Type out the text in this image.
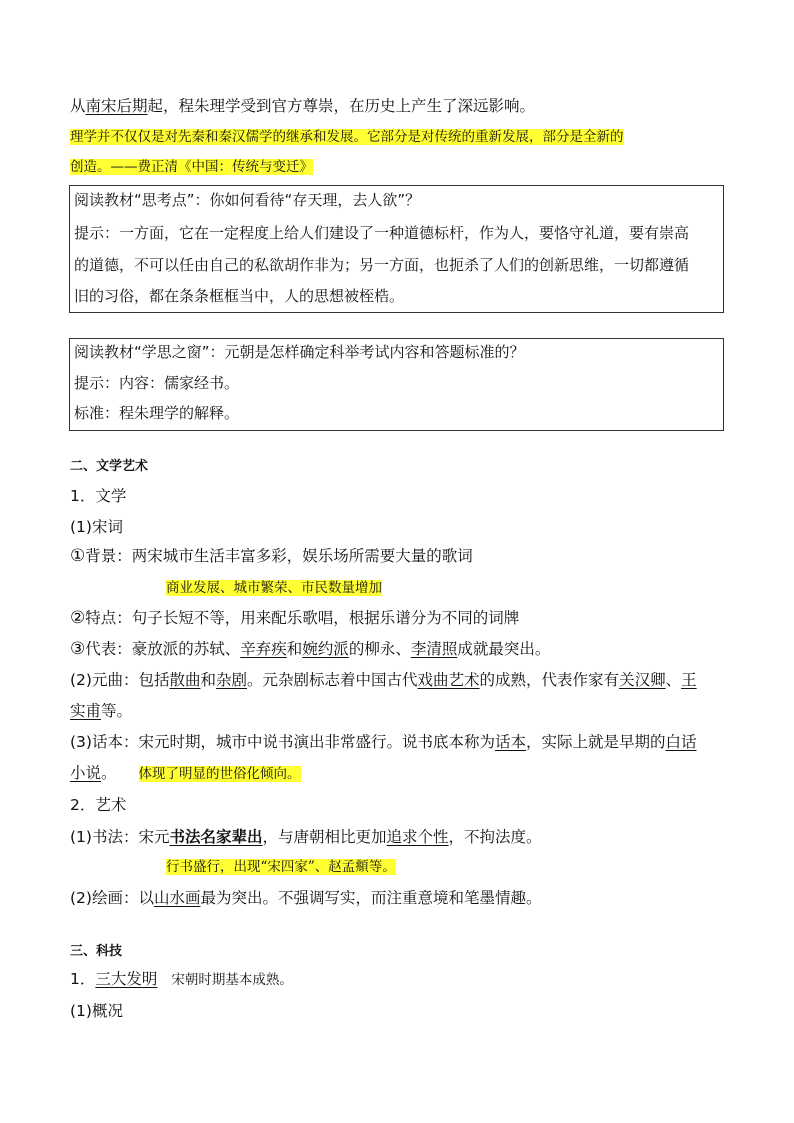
从南宋后期起，程朱理学受到官方尊崇，在历史上产生了深远影响。
理学并不仅仅是对先秦和秦汉儒学的继承和发展。它部分是对传统的重新发展，部分是全新的
创造。——费正清《中国：传统与变迁》
阅读教材“思考点”：你如何看待“存天理，去人欲”？
提示：一方面，它在一定程度上给人们建设了一种道德标杆，作为人，要恪守礼道，要有崇高
的道德，不可以任由自己的私欲胡作非为；另一方面，也扼杀了人们的创新思维，一切都遵循
旧的习俗，都在条条框框当中，人的思想被桎梏。
阅读教材“学思之窗”：元朝是怎样确定科举考试内容和答题标准的？
提示：内容：儒家经书。
标准：程朱理学的解释。
二、文学艺术
1．文学
(1)宋词
①背景：两宋城市生活丰富多彩，娱乐场所需要大量的歌词
商业发展、城市繁荣、市民数量增加
②特点：句子长短不等，用来配乐歌唱，根据乐谱分为不同的词牌
③代表：豪放派的苏轼、辛弃疾和婉约派的柳永、李清照成就最突出。
(2)元曲：包括散曲和杂剧。元杂剧标志着中国古代戏曲艺术的成熟，代表作家有关汉卿、王
实甫等。
(3)话本：宋元时期，城市中说书演出非常盛行。说书底本称为话本，实际上就是早期的白话
小说。 体现了明显的世俗化倾向。
2．艺术
(1)书法：宋元书法名家辈出，与唐朝相比更加追求个性，不拘法度。
行书盛行，出现“宋四家”、赵孟頫等。
(2)绘画：以山水画最为突出。不强调写实，而注重意境和笔墨情趣。
三、科技
1．三大发明 宋朝时期基本成熟。
(1)概况
